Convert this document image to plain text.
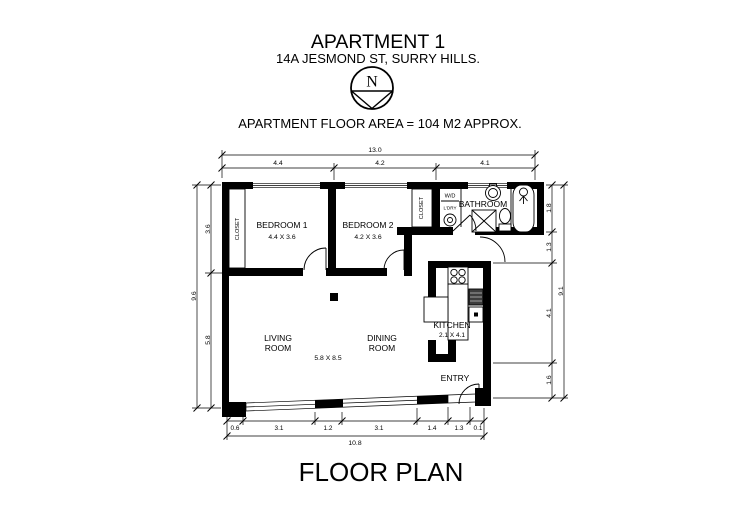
APARTMENT 1
14A JESMOND ST, SURRY HILLS.
N
APARTMENT FLOOR AREA = 104 M2 APPROX.
BEDROOM 1
4.4 X 3.6
BEDROOM 2
4.2 X 3.6
LIVING
ROOM
DINING
ROOM
5.8 X 8.5
KITCHEN
2.1 X 4.1
BATHROOM
ENTRY
CLOSET
CLOSET
W/D
L'DRY
13.0
4.4	4.2	4.1
9.6
3.6
5.8
1.8
1.3
4.1
1.6
9.1
0.6	3.1	1.2	3.1	1.4	1.3 0.1
10.8
FLOOR PLAN
